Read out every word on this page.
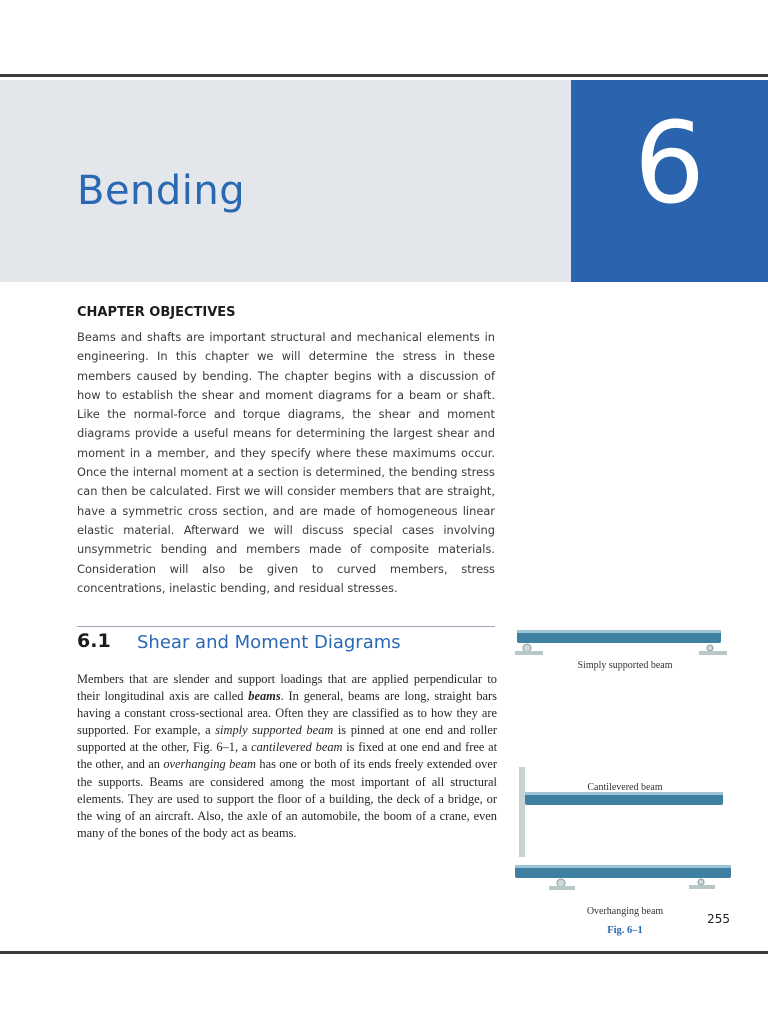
Bending	6
CHAPTER OBJECTIVES
Beams and shafts are important structural and mechanical elements in engineering. In this chapter we will determine the stress in these members caused by bending. The chapter begins with a discussion of how to establish the shear and moment diagrams for a beam or shaft. Like the normal-force and torque diagrams, the shear and moment diagrams provide a useful means for determining the largest shear and moment in a member, and they specify where these maximums occur. Once the internal moment at a section is determined, the bending stress can then be calculated. First we will consider members that are straight, have a symmetric cross section, and are made of homogeneous linear elastic material. Afterward we will discuss special cases involving unsymmetric bending and members made of composite materials. Consideration will also be given to curved members, stress concentrations, inelastic bending, and residual stresses.
6.1 Shear and Moment Diagrams
Members that are slender and support loadings that are applied perpendicular to their longitudinal axis are called beams. In general, beams are long, straight bars having a constant cross-sectional area. Often they are classified as to how they are supported. For example, a simply supported beam is pinned at one end and roller supported at the other, Fig. 6–1, a cantilevered beam is fixed at one end and free at the other, and an overhanging beam has one or both of its ends freely extended over the supports. Beams are considered among the most important of all structural elements. They are used to support the floor of a building, the deck of a bridge, or the wing of an aircraft. Also, the axle of an automobile, the boom of a crane, even many of the bones of the body act as beams.
Simply supported beam
Cantilevered beam
Overhanging beam
Fig. 6–1
255
